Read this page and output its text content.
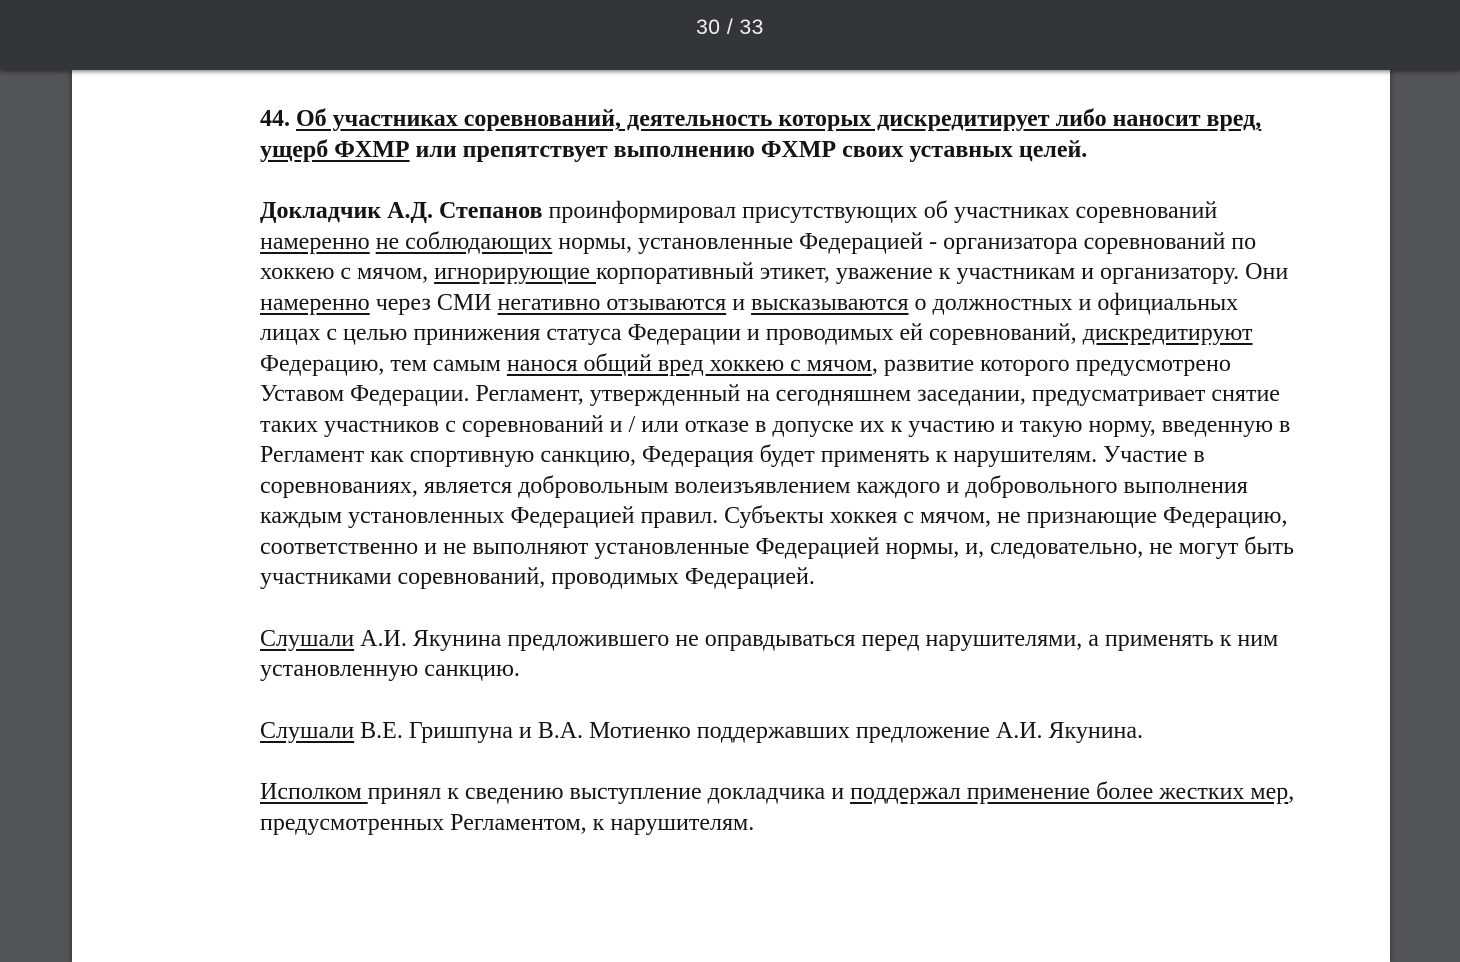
30 / 33

44. Об участниках соревнований, деятельность которых дискредитирует либо наносит вред, ущерб ФХМР или препятствует выполнению ФХМР своих уставных целей.

Докладчик А.Д. Степанов проинформировал присутствующих об участниках соревнований намеренно не соблюдающих нормы, установленные Федерацией - организатора соревнований по хоккею с мячом, игнорирующие корпоративный этикет, уважение к участникам и организатору. Они намеренно через СМИ негативно отзываются и высказываются о должностных и официальных лицах с целью принижения статуса Федерации и проводимых ей соревнований, дискредитируют Федерацию, тем самым нанося общий вред хоккею с мячом, развитие которого предусмотрено Уставом Федерации. Регламент, утвержденный на сегодняшнем заседании, предусматривает снятие таких участников с соревнований и / или отказе в допуске их к участию и такую норму, введенную в Регламент как спортивную санкцию, Федерация будет применять к нарушителям. Участие в соревнованиях, является добровольным волеизъявлением каждого и добровольного выполнения каждым установленных Федерацией правил. Субъекты хоккея с мячом, не признающие Федерацию, соответственно и не выполняют установленные Федерацией нормы, и, следовательно, не могут быть участниками соревнований, проводимых Федерацией.

Слушали А.И. Якунина предложившего не оправдываться перед нарушителями, а применять к ним установленную санкцию.

Слушали В.Е. Гришпуна и В.А. Мотиенко поддержавших предложение А.И. Якунина.

Исполком принял к сведению выступление докладчика и поддержал применение более жестких мер, предусмотренных Регламентом, к нарушителям.
